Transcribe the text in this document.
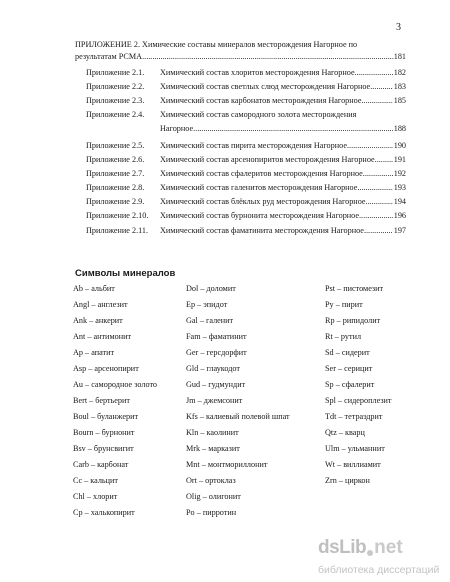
3
ПРИЛОЖЕНИЕ 2. Химические составы минералов месторождения Нагорное по
результатам РСМА .....	181
Приложение 2.1. Химический состав хлоритов месторождения Нагорное .....	182
Приложение 2.2. Химический состав светлых слюд месторождения Нагорное .....	183
Приложение 2.3. Химический состав карбонатов месторождения Нагорное .....	185
Приложение 2.4. Химический состав самородного золота месторождения
Нагорное .....	188
Приложение 2.5. Химический состав пирита месторождения Нагорное .....	190
Приложение 2.6. Химический состав арсенопиритов месторождения Нагорное ..... 191
Приложение 2.7. Химический состав сфалеритов месторождения Нагорное .....	192
Приложение 2.8. Химический состав галенитов месторождения Нагорное .....	193
Приложение 2.9. Химический состав блёклых руд месторождения Нагорное .....	194
Приложение 2.10. Химический состав бурнонита месторождения Нагорное .....	196
Приложение 2.11. Химический состав фаматинита месторождения Нагорное .....	197
Символы минералов
Ab – альбит
Angl – англезит
Ank – анкерит
Ant – антимонит
Ap – апатит
Asp – арсенопирит
Au – самородное золото
Bert – бертьерит
Boul – буланжерит
Bourn – бурнонит
Bsv – брунсвигит
Carb – карбонат
Cc – кальцит
Chl – хлорит
Cp – халькопирит
Dol – доломит
Ep – эпидот
Gal – галенит
Fam – фаматинит
Ger – герсдорфит
Gld – глаукодот
Gud – гудмундит
Jm – джемсонит
Kfs – калиевый полевой шпат
Kln – каолинит
Mrk – марказит
Mnt – монтмориллонит
Ort – ортоклаз
Olig – олигонит
Po – пирротин
Pst – пистомезит
Py – пирит
Rp – рипидолит
Rt – рутил
Sd – сидерит
Ser – серицит
Sp – сфалерит
Spl – сидероплезит
Tdt – тетраэдрит
Qtz – кварц
Ulm – ульманнит
Wt – виллиамит
Zrn – циркон
dsLib net
библиотека диссертаций
